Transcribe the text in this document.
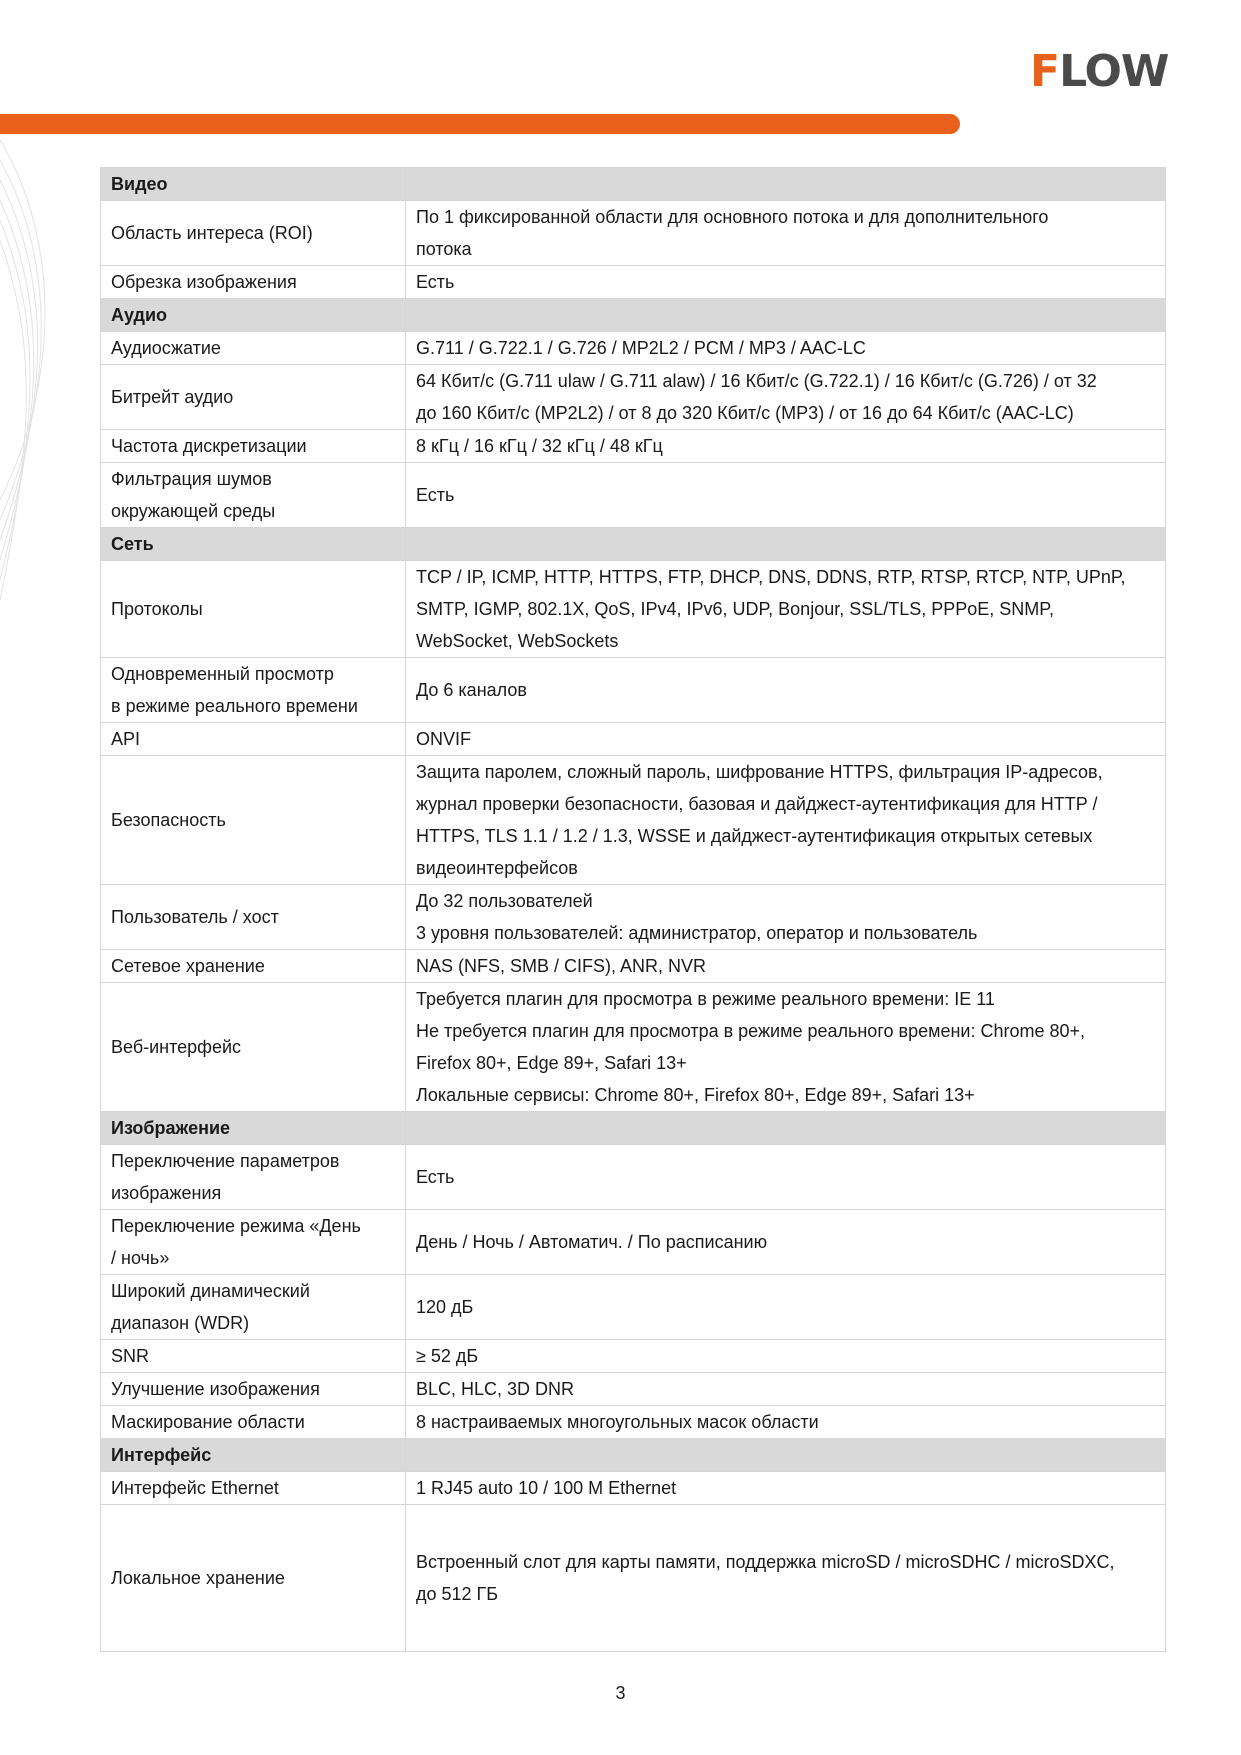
FLOW
Видео	

Область интереса (ROI)	По 1 фиксированной области для основного потока и для дополнительного
потока

Обрезка изображения	Есть

Аудио	

Аудиосжатие	G.711 / G.722.1 / G.726 / MP2L2 / PCM / MP3 / AAC-LC

Битрейт аудио	64 Кбит/с (G.711 ulaw / G.711 alaw) / 16 Кбит/с (G.722.1) / 16 Кбит/с (G.726) / от 32
до 160 Кбит/с (MP2L2) / от 8 до 320 Кбит/с (MP3) / от 16 до 64 Кбит/с (AAC-LC)

Частота дискретизации	8 кГц / 16 кГц / 32 кГц / 48 кГц

Фильтрация шумов
окружающей среды	Есть

Сеть	

Протоколы	TCP / IP, ICMP, HTTP, HTTPS, FTP, DHCP, DNS, DDNS, RTP, RTSP, RTCP, NTP, UPnP,
SMTP, IGMP, 802.1X, QoS, IPv4, IPv6, UDP, Bonjour, SSL/TLS, PPPoE, SNMP,
WebSocket, WebSockets

Одновременный просмотр
в режиме реального времени	До 6 каналов

API	ONVIF

Безопасность	Защита паролем, сложный пароль, шифрование HTTPS, фильтрация IP-адресов,
журнал проверки безопасности, базовая и дайджест-аутентификация для HTTP /
HTTPS, TLS 1.1 / 1.2 / 1.3, WSSE и дайджест-аутентификация открытых сетевых
видеоинтерфейсов

Пользователь / хост	До 32 пользователей
3 уровня пользователей: администратор, оператор и пользователь

Сетевое хранение	NAS (NFS, SMB / CIFS), ANR, NVR

Веб-интерфейс	Требуется плагин для просмотра в режиме реального времени: IE 11
Не требуется плагин для просмотра в режиме реального времени: Chrome 80+,
Firefox 80+, Edge 89+, Safari 13+
Локальные сервисы: Chrome 80+, Firefox 80+, Edge 89+, Safari 13+

Изображение	

Переключение параметров
изображения	Есть

Переключение режима «День
/ ночь»	День / Ночь / Автоматич. / По расписанию

Широкий динамический
диапазон (WDR)	120 дБ

SNR	≥ 52 дБ

Улучшение изображения	BLC, HLC, 3D DNR

Маскирование области	8 настраиваемых многоугольных масок области

Интерфейс	

Интерфейс Ethernet	1 RJ45 auto 10 / 100 M Ethernet

Локальное хранение	Встроенный слот для карты памяти, поддержка microSD / microSDHC / microSDXC,
до 512 ГБ
3
